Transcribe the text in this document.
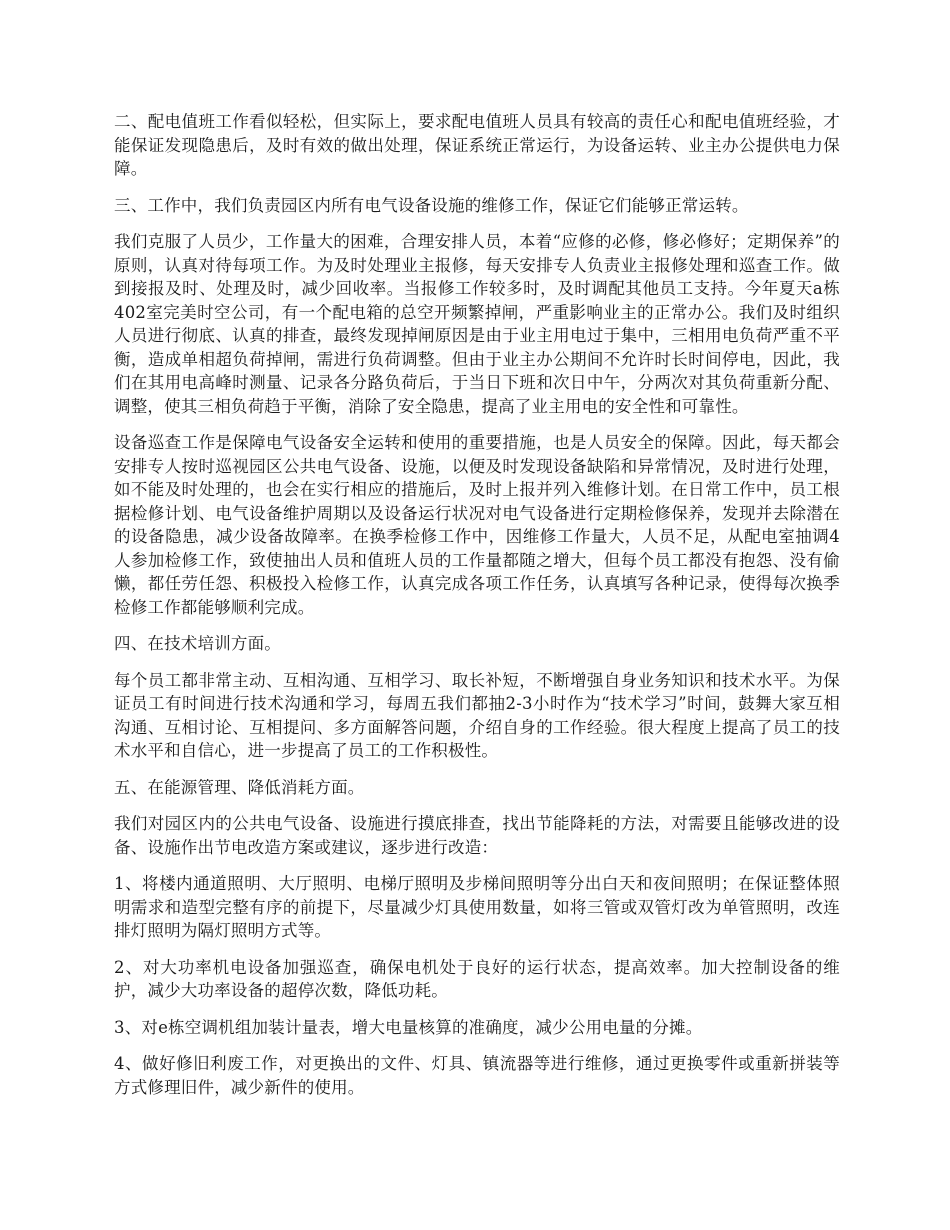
二、配电值班工作看似轻松，但实际上，要求配电值班人员具有较高的责任心和配电值班经验，才能保证发现隐患后，及时有效的做出处理，保证系统正常运行，为设备运转、业主办公提供电力保障。

三、工作中，我们负责园区内所有电气设备设施的维修工作，保证它们能够正常运转。

我们克服了人员少，工作量大的困难，合理安排人员，本着“应修的必修，修必修好；定期保养”的原则，认真对待每项工作。为及时处理业主报修，每天安排专人负责业主报修处理和巡查工作。做到接报及时、处理及时，减少回收率。当报修工作较多时，及时调配其他员工支持。今年夏天a栋402室完美时空公司，有一个配电箱的总空开频繁掉闸，严重影响业主的正常办公。我们及时组织人员进行彻底、认真的排查，最终发现掉闸原因是由于业主用电过于集中，三相用电负荷严重不平衡，造成单相超负荷掉闸，需进行负荷调整。但由于业主办公期间不允许时长时间停电，因此，我们在其用电高峰时测量、记录各分路负荷后，于当日下班和次日中午，分两次对其负荷重新分配、调整，使其三相负荷趋于平衡，消除了安全隐患，提高了业主用电的安全性和可靠性。

设备巡查工作是保障电气设备安全运转和使用的重要措施，也是人员安全的保障。因此，每天都会安排专人按时巡视园区公共电气设备、设施，以便及时发现设备缺陷和异常情况，及时进行处理，如不能及时处理的，也会在实行相应的措施后，及时上报并列入维修计划。在日常工作中，员工根据检修计划、电气设备维护周期以及设备运行状况对电气设备进行定期检修保养，发现并去除潜在的设备隐患，减少设备故障率。在换季检修工作中，因维修工作量大，人员不足，从配电室抽调4人参加检修工作，致使抽出人员和值班人员的工作量都随之增大，但每个员工都没有抱怨、没有偷懒，都任劳任怨、积极投入检修工作，认真完成各项工作任务，认真填写各种记录，使得每次换季检修工作都能够顺利完成。

四、在技术培训方面。

每个员工都非常主动、互相沟通、互相学习、取长补短，不断增强自身业务知识和技术水平。为保证员工有时间进行技术沟通和学习，每周五我们都抽2-3小时作为“技术学习”时间，鼓舞大家互相沟通、互相讨论、互相提问、多方面解答问题，介绍自身的工作经验。很大程度上提高了员工的技术水平和自信心，进一步提高了员工的工作积极性。

五、在能源管理、降低消耗方面。

我们对园区内的公共电气设备、设施进行摸底排查，找出节能降耗的方法，对需要且能够改进的设备、设施作出节电改造方案或建议，逐步进行改造：

1、将楼内通道照明、大厅照明、电梯厅照明及步梯间照明等分出白天和夜间照明；在保证整体照明需求和造型完整有序的前提下，尽量减少灯具使用数量，如将三管或双管灯改为单管照明，改连排灯照明为隔灯照明方式等。

2、对大功率机电设备加强巡查，确保电机处于良好的运行状态，提高效率。加大控制设备的维护，减少大功率设备的超停次数，降低功耗。

3、对e栋空调机组加装计量表，增大电量核算的准确度，减少公用电量的分摊。

4、做好修旧利废工作，对更换出的文件、灯具、镇流器等进行维修，通过更换零件或重新拼装等方式修理旧件，减少新件的使用。
